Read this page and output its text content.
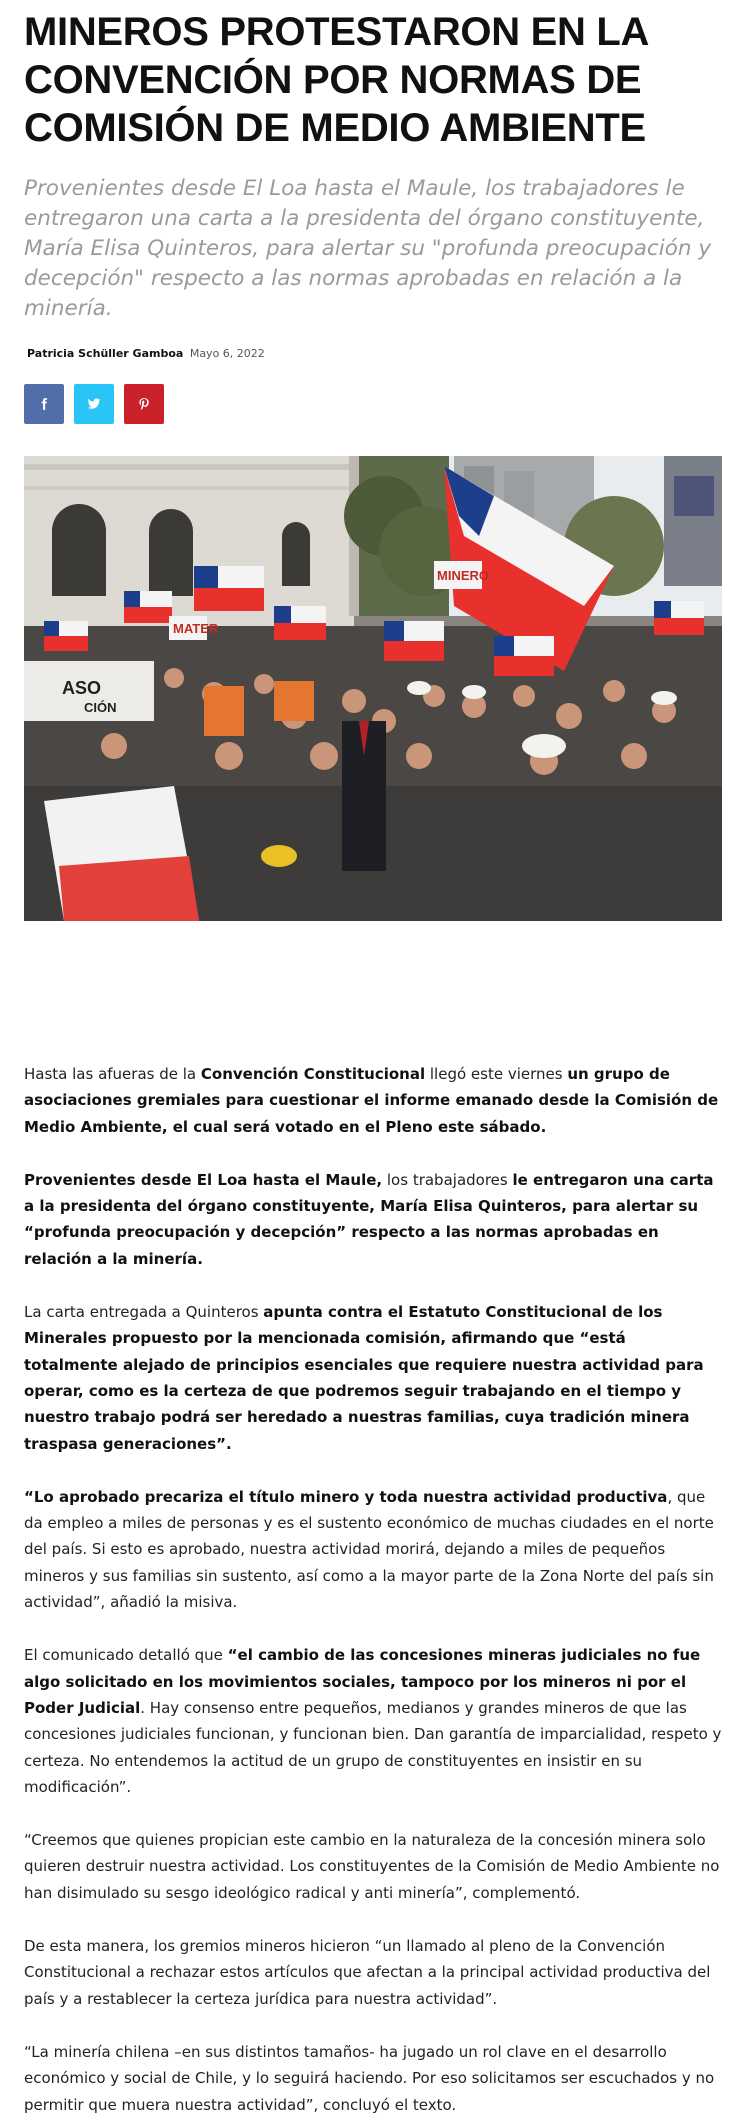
MINEROS PROTESTARON EN LA CONVENCIÓN POR NORMAS DE COMISIÓN DE MEDIO AMBIENTE

Provenientes desde El Loa hasta el Maule, los trabajadores le entregaron una carta a la presidenta del órgano constituyente, María Elisa Quinteros, para alertar su "profunda preocupación y decepción" respecto a las normas aprobadas en relación a la minería.

Patricia Schüller Gamboa Mayo 6, 2022
MATER
MINERO
ASO
CIÓN

Hasta las afueras de la Convención Constitucional llegó este viernes un grupo de asociaciones gremiales para cuestionar el informe emanado desde la Comisión de Medio Ambiente, el cual será votado en el Pleno este sábado.

Provenientes desde El Loa hasta el Maule, los trabajadores le entregaron una carta a la presidenta del órgano constituyente, María Elisa Quinteros, para alertar su “profunda preocupación y decepción” respecto a las normas aprobadas en relación a la minería.

La carta entregada a Quinteros apunta contra el Estatuto Constitucional de los Minerales propuesto por la mencionada comisión, afirmando que “está totalmente alejado de principios esenciales que requiere nuestra actividad para operar, como es la certeza de que podremos seguir trabajando en el tiempo y nuestro trabajo podrá ser heredado a nuestras familias, cuya tradición minera traspasa generaciones”.

“Lo aprobado precariza el título minero y toda nuestra actividad productiva, que da empleo a miles de personas y es el sustento económico de muchas ciudades en el norte del país. Si esto es aprobado, nuestra actividad morirá, dejando a miles de pequeños mineros y sus familias sin sustento, así como a la mayor parte de la Zona Norte del país sin actividad”, añadió la misiva.

El comunicado detalló que “el cambio de las concesiones mineras judiciales no fue algo solicitado en los movimientos sociales, tampoco por los mineros ni por el Poder Judicial. Hay consenso entre pequeños, medianos y grandes mineros de que las concesiones judiciales funcionan, y funcionan bien. Dan garantía de imparcialidad, respeto y certeza. No entendemos la actitud de un grupo de constituyentes en insistir en su modificación”.

“Creemos que quienes propician este cambio en la naturaleza de la concesión minera solo quieren destruir nuestra actividad. Los constituyentes de la Comisión de Medio Ambiente no han disimulado su sesgo ideológico radical y anti minería”, complementó.

De esta manera, los gremios mineros hicieron “un llamado al pleno de la Convención Constitucional a rechazar estos artículos que afectan a la principal actividad productiva del país y a restablecer la certeza jurídica para nuestra actividad”.

“La minería chilena –en sus distintos tamaños- ha jugado un rol clave en el desarrollo económico y social de Chile, y lo seguirá haciendo. Por eso solicitamos ser escuchados y no permitir que muera nuestra actividad”, concluyó el texto.
